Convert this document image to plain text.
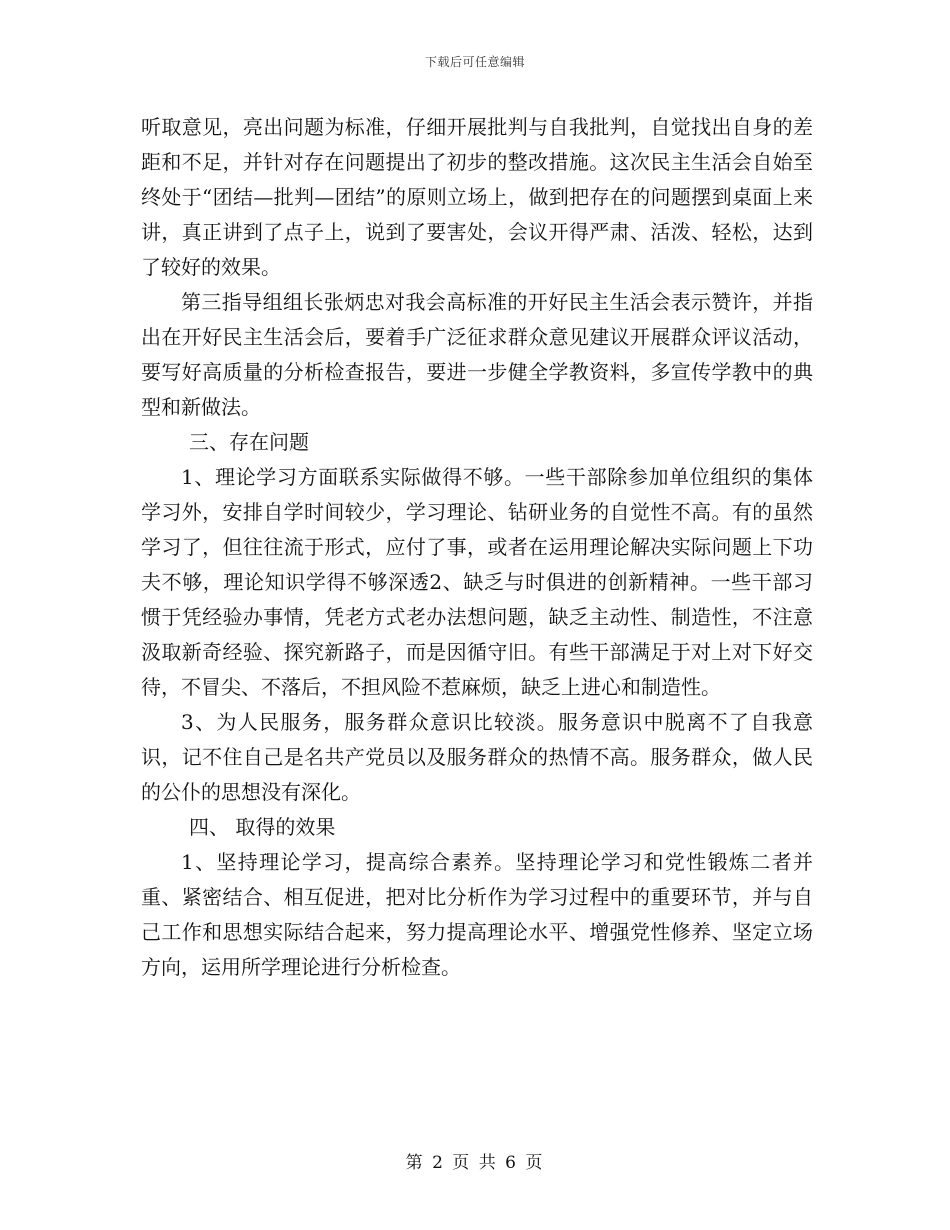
下载后可任意编辑

听取意见，亮出问题为标准，仔细开展批判与自我批判，自觉找出自身的差距和不足，并针对存在问题提出了初步的整改措施。这次民主生活会自始至终处于“团结—批判—团结”的原则立场上，做到把存在的问题摆到桌面上来讲，真正讲到了点子上，说到了要害处，会议开得严肃、活泼、轻松，达到了较好的效果。

第三指导组组长张炳忠对我会高标准的开好民主生活会表示赞许，并指出在开好民主生活会后，要着手广泛征求群众意见建议开展群众评议活动，要写好高质量的分析检查报告，要进一步健全学教资料，多宣传学教中的典型和新做法。

三、存在问题

1、理论学习方面联系实际做得不够。一些干部除参加单位组织的集体学习外，安排自学时间较少，学习理论、钻研业务的自觉性不高。有的虽然学习了，但往往流于形式，应付了事，或者在运用理论解决实际问题上下功夫不够，理论知识学得不够深透2、缺乏与时俱进的创新精神。一些干部习惯于凭经验办事情，凭老方式老办法想问题，缺乏主动性、制造性，不注意汲取新奇经验、探究新路子，而是因循守旧。有些干部满足于对上对下好交待，不冒尖、不落后，不担风险不惹麻烦，缺乏上进心和制造性。

3、为人民服务，服务群众意识比较淡。服务意识中脱离不了自我意识，记不住自己是名共产党员以及服务群众的热情不高。服务群众，做人民的公仆的思想没有深化。

四、 取得的效果

1、坚持理论学习，提高综合素养。坚持理论学习和党性锻炼二者并重、紧密结合、相互促进，把对比分析作为学习过程中的重要环节，并与自己工作和思想实际结合起来，努力提高理论水平、增强党性修养、坚定立场方向，运用所学理论进行分析检查。

第 2 页 共 6 页
